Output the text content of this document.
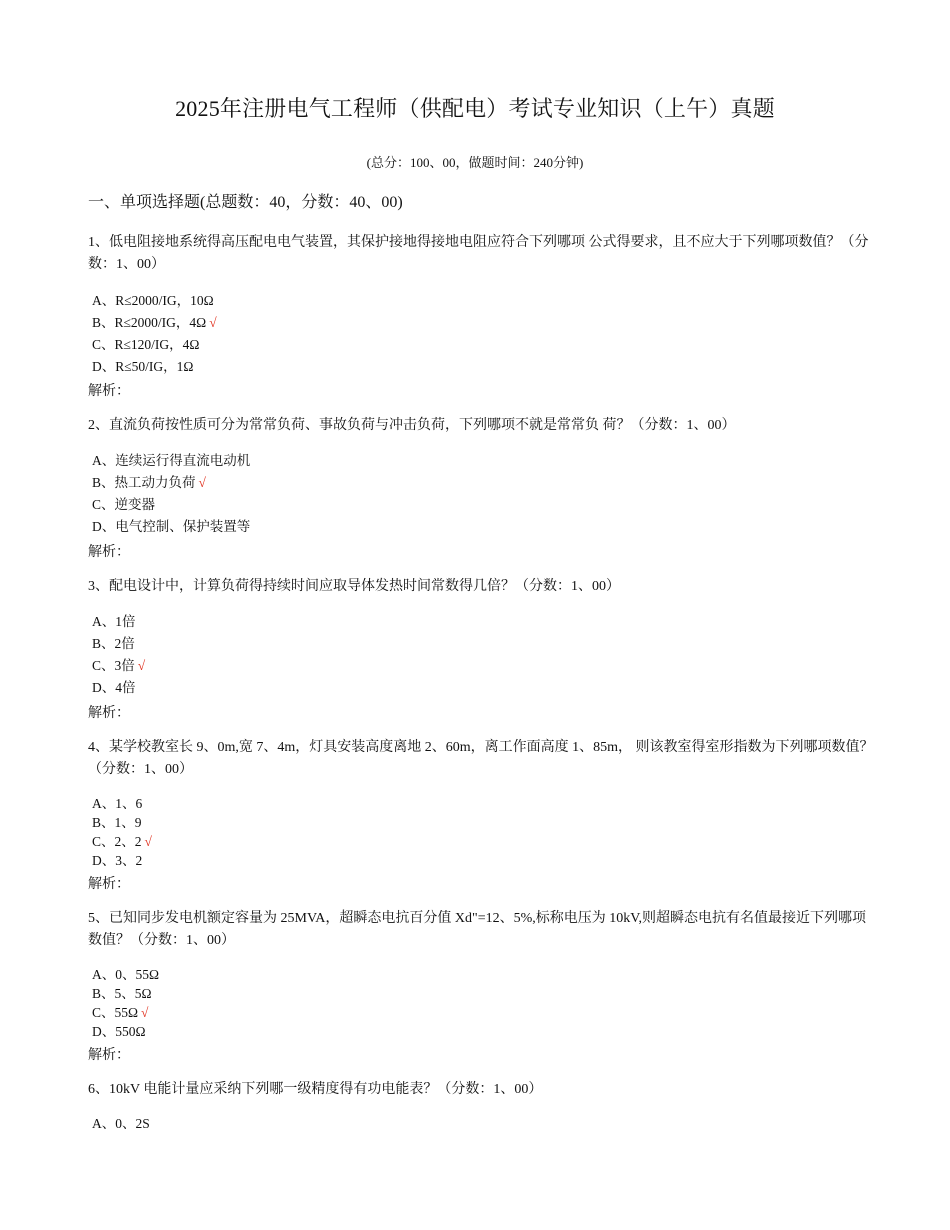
2025年注册电气工程师（供配电）考试专业知识（上午）真题
(总分：100、00，做题时间：240分钟)
一、单项选择题(总题数：40，分数：40、00)
1、低电阻接地系统得高压配电电气装置，其保护接地得接地电阻应符合下列哪项 公式得要求，且不应大于下列哪项数值？（分数：1、00）
A、R≤2000/IG，10Ω
B、R≤2000/IG，4Ω √
C、R≤120/IG，4Ω
D、R≤50/IG，1Ω
解析：
2、直流负荷按性质可分为常常负荷、事故负荷与冲击负荷，下列哪项不就是常常负 荷？（分数：1、00）
A、连续运行得直流电动机
B、热工动力负荷 √
C、逆变器
D、电气控制、保护装置等
解析：
3、配电设计中，计算负荷得持续时间应取导体发热时间常数得几倍？（分数：1、00）
A、1倍
B、2倍
C、3倍 √
D、4倍
解析：
4、某学校教室长 9、0m,宽 7、4m，灯具安装高度离地 2、60m，离工作面高度 1、85m， 则该教室得室形指数为下列哪项数值？（分数：1、00）
A、1、6
B、1、9
C、2、2 √
D、3、2
解析：
5、已知同步发电机额定容量为 25MVA，超瞬态电抗百分值 Xd"=12、5%,标称电压为 10kV,则超瞬态电抗有名值最接近下列哪项数值？（分数：1、00）
A、0、55Ω
B、5、5Ω
C、55Ω √
D、550Ω
解析：
6、10kV 电能计量应采纳下列哪一级精度得有功电能表？（分数：1、00）
A、0、2S
